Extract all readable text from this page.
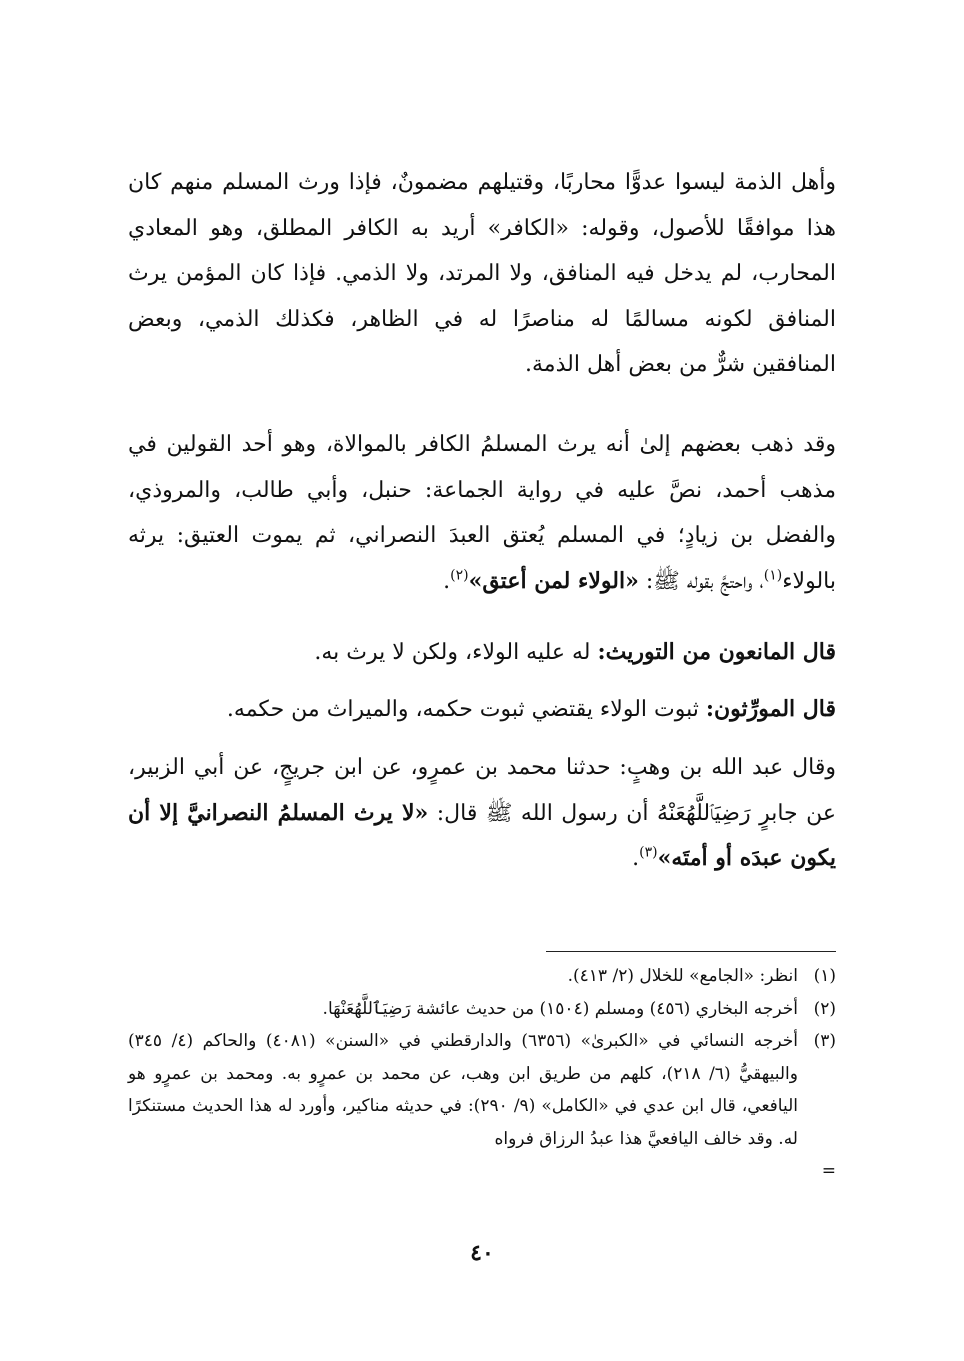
وأهل الذمة ليسوا عدوًّا محاربًا، وقتيلهم مضمونٌ، فإذا ورث المسلم منهم كان هذا موافقًا للأصول، وقوله: «الكافر» أريد به الكافر المطلق، وهو المعادي المحارب، لم يدخل فيه المنافق، ولا المرتد، ولا الذمي. فإذا كان المؤمن يرث المنافق لكونه مسالمًا له مناصرًا له في الظاهر، فكذلك الذمي، وبعض المنافقين شرٌّ من بعض أهل الذمة.

وقد ذهب بعضهم إلىٰ أنه يرث المسلمُ الكافر بالموالاة، وهو أحد القولين في مذهب أحمد، نصَّ عليه في رواية الجماعة: حنبل، وأبي طالب، والمروذي، والفضل بن زيادٍ؛ في المسلم يُعتق العبدَ النصراني، ثم يموت العتيق: يرثه بالولاء$^{(١)}$، واحتجَّ بقوله ﷺ: «الولاء لمن أعتق»$^{(٢)}$.

قال المانعون من التوريث: له عليه الولاء، ولكن لا يرث به.

قال المورِّثون: ثبوت الولاء يقتضي ثبوت حكمه، والميراث من حكمه.

وقال عبد الله بن وهبٍ: حدثنا محمد بن عمرٍو، عن ابن جريجٍ، عن أبي الزبير، عن جابرٍ رَضِيَٱللَّهُعَنْهُ أن رسول الله ﷺ قال: «لا يرث المسلمُ النصرانيَّ إلا أن يكون عبدَه أو أمتَه»$^{(٣)}$.

(١)
انظر: «الجامع» للخلال (٢/ ٤١٣).
(٢)
أخرجه البخاري (٤٥٦) ومسلم (١٥٠٤) من حديث عائشة رَضِيَٱللَّهُعَنْهَا.
(٣)
أخرجه النسائي في «الكبرىٰ» (٦٣٥٦) والدارقطني في «السنن» (٤٠٨١) والحاكم (٤/ ٣٤٥) والبيهقيُّ (٦/ ٢١٨)، كلهم من طريق ابن وهب، عن محمد بن عمرٍو به. ومحمد بن عمرٍو هو اليافعي، قال ابن عدي في «الكامل» (٩/ ٢٩٠): في حديثه مناكير، وأورد له هذا الحديث مستنكرًا له. وقد خالف اليافعيَّ هذا عبدُ الرزاق فرواه
=
٤٠
